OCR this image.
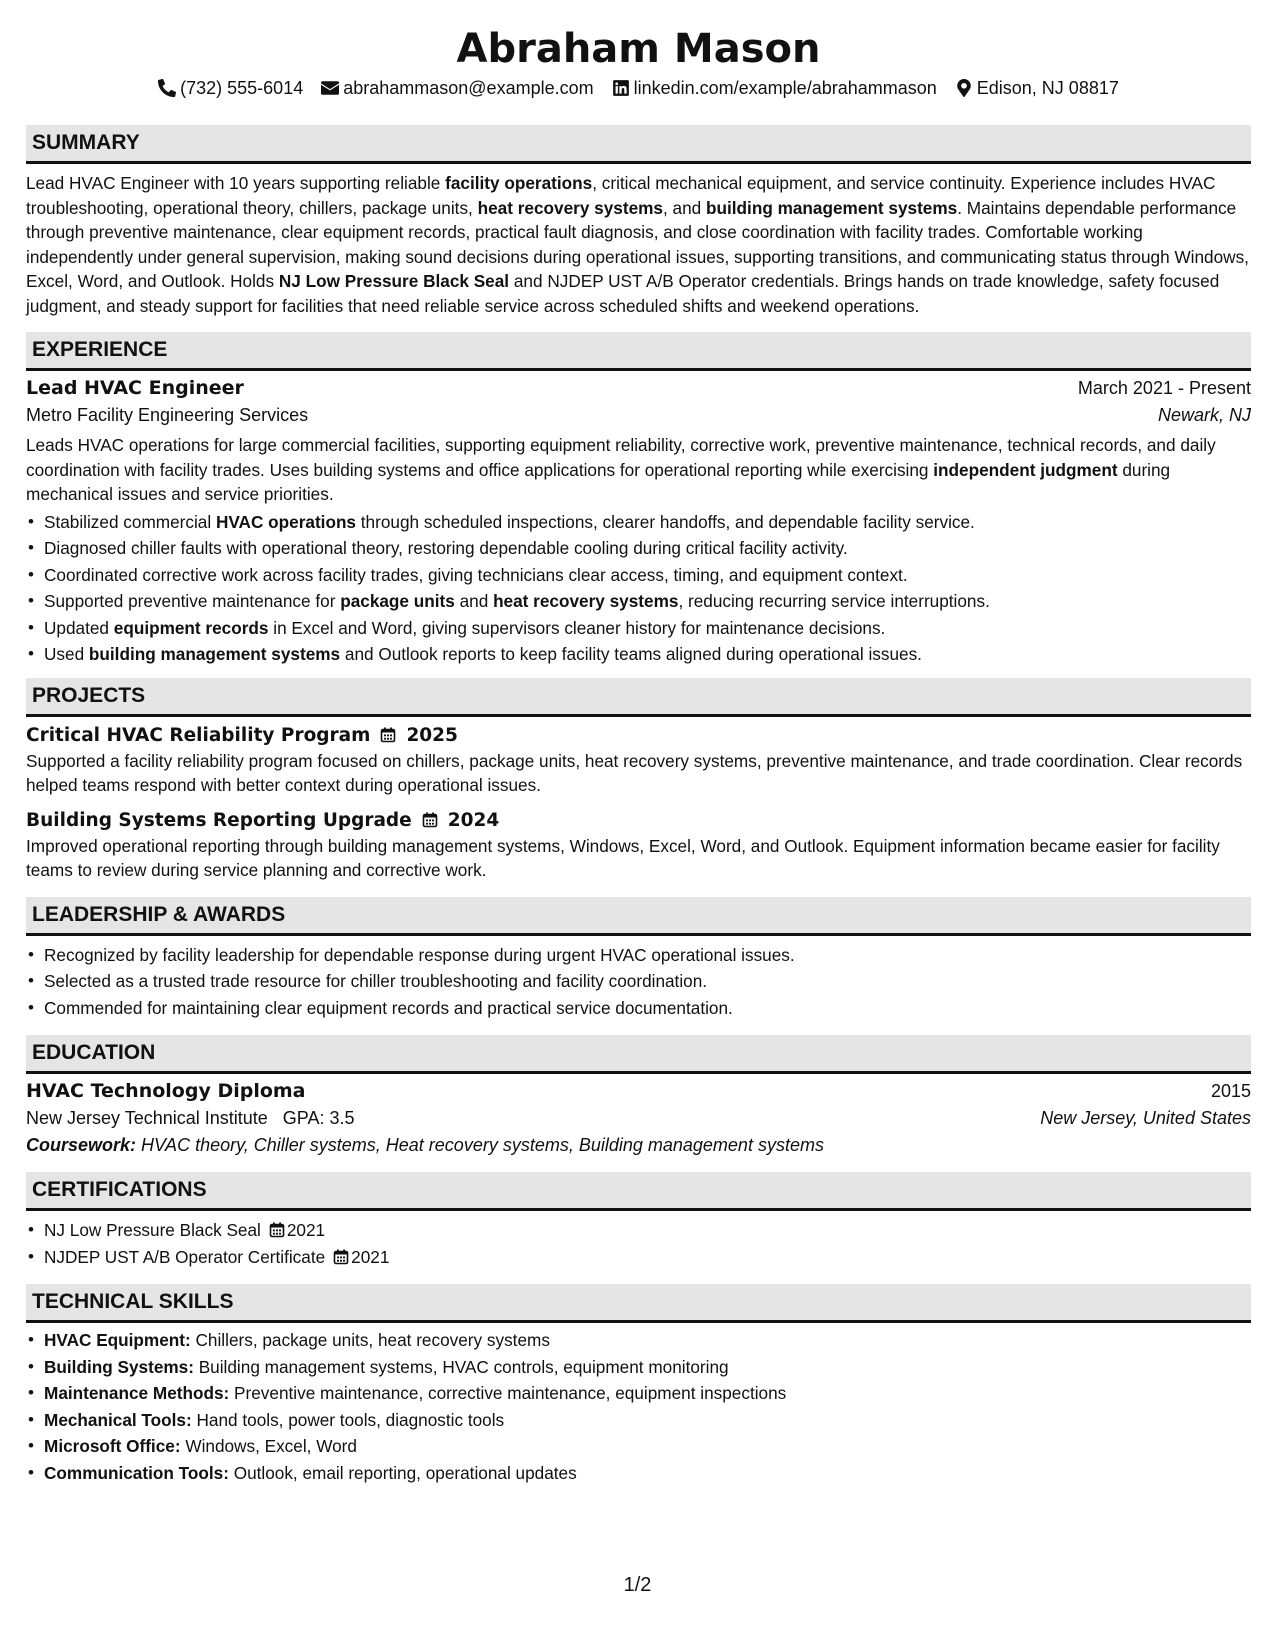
Abraham Mason
(732) 555-6014 abrahammason@example.com linkedin.com/example/abrahammason Edison, NJ 08817
SUMMARY
Lead HVAC Engineer with 10 years supporting reliable facility operations, critical mechanical equipment, and service continuity. Experience includes HVAC troubleshooting, operational theory, chillers, package units, heat recovery systems, and building management systems. Maintains dependable performance through preventive maintenance, clear equipment records, practical fault diagnosis, and close coordination with facility trades. Comfortable working independently under general supervision, making sound decisions during operational issues, supporting transitions, and communicating status through Windows, Excel, Word, and Outlook. Holds NJ Low Pressure Black Seal and NJDEP UST A/B Operator credentials. Brings hands on trade knowledge, safety focused judgment, and steady support for facilities that need reliable service across scheduled shifts and weekend operations.
EXPERIENCE
Lead HVAC Engineer	March 2021 - Present
Metro Facility Engineering Services	Newark, NJ
Leads HVAC operations for large commercial facilities, supporting equipment reliability, corrective work, preventive maintenance, technical records, and daily coordination with facility trades. Uses building systems and office applications for operational reporting while exercising independent judgment during mechanical issues and service priorities.
• Stabilized commercial HVAC operations through scheduled inspections, clearer handoffs, and dependable facility service.
• Diagnosed chiller faults with operational theory, restoring dependable cooling during critical facility activity.
• Coordinated corrective work across facility trades, giving technicians clear access, timing, and equipment context.
• Supported preventive maintenance for package units and heat recovery systems, reducing recurring service interruptions.
• Updated equipment records in Excel and Word, giving supervisors cleaner history for maintenance decisions.
• Used building management systems and Outlook reports to keep facility teams aligned during operational issues.
PROJECTS
Critical HVAC Reliability Program 2025
Supported a facility reliability program focused on chillers, package units, heat recovery systems, preventive maintenance, and trade coordination. Clear records helped teams respond with better context during operational issues.
Building Systems Reporting Upgrade 2024
Improved operational reporting through building management systems, Windows, Excel, Word, and Outlook. Equipment information became easier for facility teams to review during service planning and corrective work.
LEADERSHIP & AWARDS
• Recognized by facility leadership for dependable response during urgent HVAC operational issues.
• Selected as a trusted trade resource for chiller troubleshooting and facility coordination.
• Commended for maintaining clear equipment records and practical service documentation.
EDUCATION
HVAC Technology Diploma	2015
New Jersey Technical Institute GPA: 3.5	New Jersey, United States
Coursework: HVAC theory, Chiller systems, Heat recovery systems, Building management systems
CERTIFICATIONS
• NJ Low Pressure Black Seal 2021
• NJDEP UST A/B Operator Certificate 2021
TECHNICAL SKILLS
• HVAC Equipment: Chillers, package units, heat recovery systems
• Building Systems: Building management systems, HVAC controls, equipment monitoring
• Maintenance Methods: Preventive maintenance, corrective maintenance, equipment inspections
• Mechanical Tools: Hand tools, power tools, diagnostic tools
• Microsoft Office: Windows, Excel, Word
• Communication Tools: Outlook, email reporting, operational updates
1/2
